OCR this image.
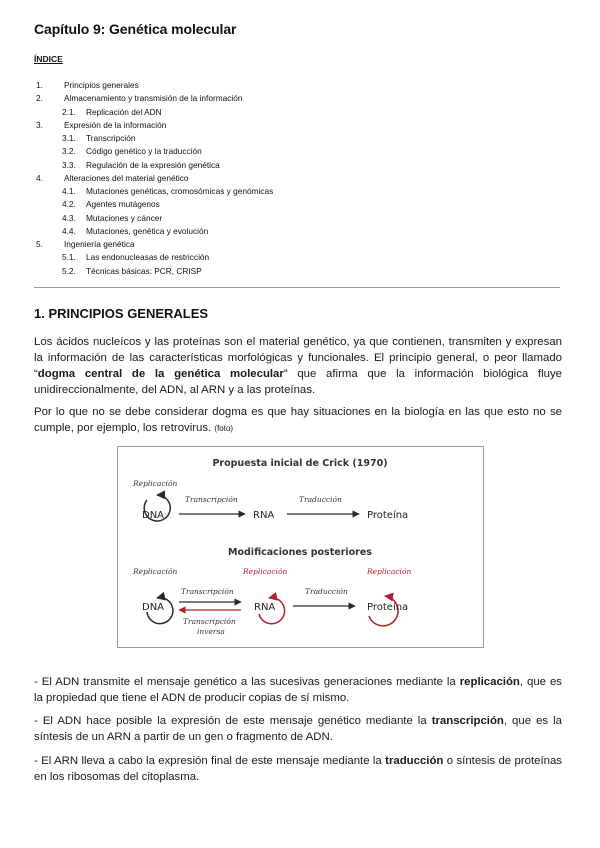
Capítulo 9: Genética molecular
ÍNDICE
1.	Principios generales
2.	Almacenamiento y transmisión de la información
2.1. Replicación del ADN
3.	Expresión de la información
3.1. Transcripción
3.2. Código genético y la traducción
3.3. Regulación de la expresión genética
4.	Alteraciones del material genético
4.1. Mutaciones genéticas, cromosómicas y genómicas
4.2. Agentes mutágenos
4.3. Mutaciones y cáncer
4.4. Mutaciones, genética y evolución
5.	Ingeniería genética
5.1. Las endonucleasas de restricción
5.2. Técnicas básicas: PCR, CRISP
1. PRINCIPIOS GENERALES
Los ácidos nucleícos y las proteínas son el material genético, ya que contienen, transmiten y expresan la información de las características morfológicas y funcionales. El principio general, o peor llamado “dogma central de la genética molecular” que afirma que la información biológica fluye unidireccionalmente, del ADN, al ARN y a las proteínas.
Por lo que no se debe considerar dogma es que hay situaciones en la biología en las que esto no se cumple, por ejemplo, los retrovirus. (foto)
Propuesta inicial de Crick (1970)
Replicación
DNA
Transcripción
RNA
Traducción
Proteína
Modificaciones posteriores
Replicación	Replicación	Replicación
DNA
Transcripción
Transcripción
inversa
RNA
Traducción
Proteína
- El ADN transmite el mensaje genético a las sucesivas generaciones mediante la replicación, que es la propiedad que tiene el ADN de producir copias de sí mismo.
- El ADN hace posible la expresión de este mensaje genético mediante la transcripción, que es la síntesis de un ARN a partir de un gen o fragmento de ADN.
- El ARN lleva a cabo la expresión final de este mensaje mediante la traducción o síntesis de proteínas en los ribosomas del citoplasma.
